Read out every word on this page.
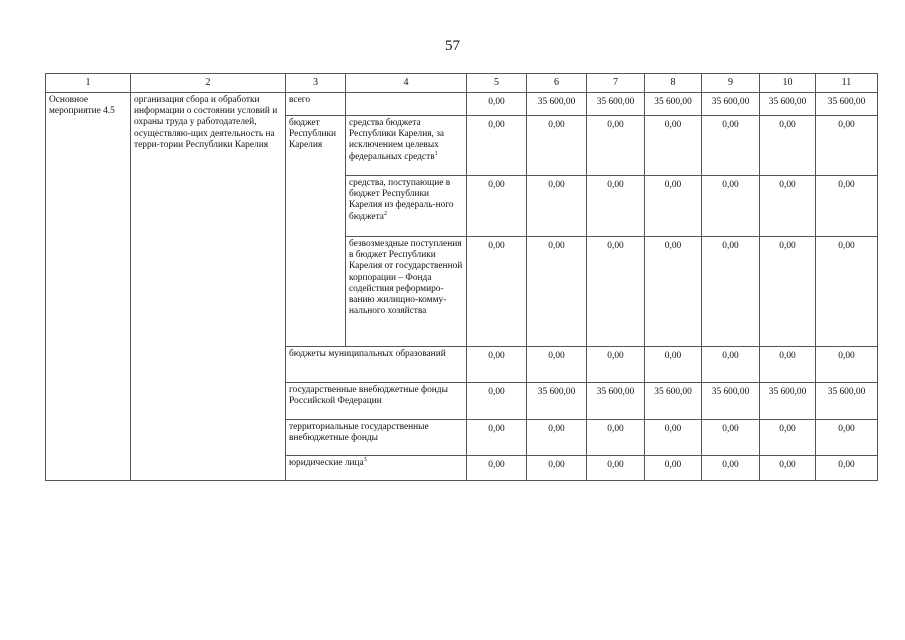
57
1	2	3	4	5	6	7	8	9	10	11
Основное мероприятие 4.5	организация сбора и обработки информации о состоянии условий и охраны труда у работодателей, осуществляю-щих деятельность на терри-тории Республики Карелия	всего		0,00	35 600,00	35 600,00	35 600,00	35 600,00	35 600,00	35 600,00
		бюджет Республики Карелия	средства бюджета Республики Карелия, за исключением целевых федеральных средств$^1$	0,00	0,00	0,00	0,00	0,00	0,00	0,00
			средства, поступающие в бюджет Республики Карелия из федераль-ного бюджета$^2$	0,00	0,00	0,00	0,00	0,00	0,00	0,00
			безвозмездные поступления в бюджет Республики Карелия от государственной корпорации – Фонда содействия реформиро-ванию жилищно-комму-нального хозяйства	0,00	0,00	0,00	0,00	0,00	0,00	0,00
		бюджеты муниципальных образований		0,00	0,00	0,00	0,00	0,00	0,00	0,00
		государственные внебюджетные фонды Российской Федерации		0,00	35 600,00	35 600,00	35 600,00	35 600,00	35 600,00	35 600,00
		территориальные государственные внебюджетные фонды		0,00	0,00	0,00	0,00	0,00	0,00	0,00
		юридические лица$^3$		0,00	0,00	0,00	0,00	0,00	0,00	0,00
